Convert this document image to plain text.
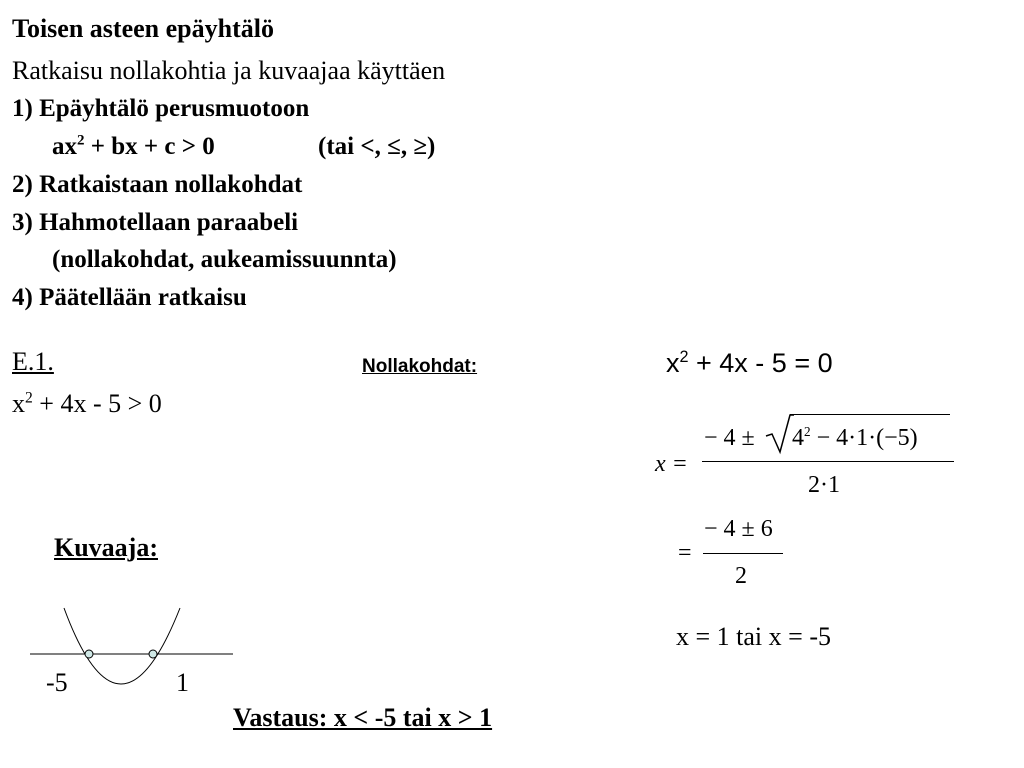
Toisen asteen epäyhtälö
Ratkaisu nollakohtia ja kuvaajaa käyttäen
1) Epäyhtälö perusmuotoon
$ax^2$ + bx + c > 0	(tai <, ≤, ≥)
2) Ratkaistaan nollakohdat
3) Hahmotellaan paraabeli
(nollakohdat, aukeamissuunnta)
4) Päätellään ratkaisu
E.1.
$x^2 + 4x - 5 > 0$
Nollakohdat:	$x^2 + 4x - 5 = 0$
x =
− $4 \pm 4^2 - 4\cdot 1\cdot(-5)$
2·1
=
− 4 ± 6
2
x = 1 tai x = -5
Kuvaaja:
-5	1
Vastaus: x < -5 tai x > 1
